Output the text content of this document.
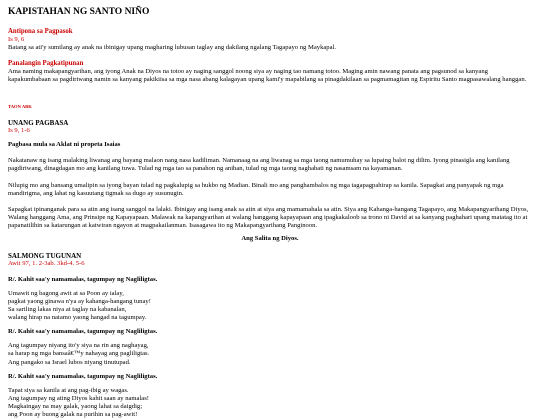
KAPISTAHAN NG SANTO NIÑO

Antipona sa Pagpasok

Is 9, 6

Batang sa ati'y sumilang ay anak na ibinigay upang magharing lubusan taglay ang dakilang ngalang Tagapayo ng Maykapal.

Panalangin Pagkatipunan

Ama naming makapangyarihan, ang iyong Anak na Diyos na totoo ay naging sanggol noong siya ay naging tao namang totoo. Maging amin nawang panata ang pagsunod sa kanyang kapakumbabaan sa pagdiriwang namin sa kanyang pakikiisa sa mga nasa abang kalagayan upang kami'y mapabilang sa pinagdakilaan sa pagmamagitan ng Espiritu Santo magpasawalang hanggan.

TAON ABK

UNANG PAGBASA

Is 9, 1-6

Pagbasa mula sa Aklat ni propeta Isaias

Nakatanaw ng isang malaking liwanag ang bayang malaon nang nasa kadiliman. Namanaag na ang liwanag sa mga taong namumuhay sa lupaing balot ng dilim. Iyong pinasigla ang kanilang pagdiriwang, dinagdagan mo ang kanilang tuwa. Tulad ng mga tao sa panahon ng anihan, tulad ng mga taong naghahati ng nasamsam na kayamanan.

Nilupig mo ang bansang umalipin sa iyong bayan tulad ng pagkalupig sa hukbo ng Madian. Binali mo ang panghambalos ng mga tagapagpahirap sa kanila. Sapagkat ang panyapak ng mga mandirigma, ang lahat ng kasuutang tigmak sa dugo ay susunugin.

Sapagkat ipinanganak para sa atin ang isang sanggol na lalaki. Ibinigay ang isang anak sa atin at siya ang mamamahala sa atin. Siya ang Kahanga-hangang Tagapayo, ang Makapangyarihang Diyos, Walang hanggang Ama, ang Prinsipe ng Kapayapaan. Malawak na kapangyarihan at walang hanggang kapayapaan ang ipagkakaloob sa trono ni David at sa kanyang paghahari upang matatag ito at papanatilihin sa katarungan at katwiran ngayon at magpakailanman. Isasagawa ito ng Makapangyarihang Panginoon.

Ang Salita ng Diyos.

SALMONG TUGUNAN

Awit 97, 1. 2-3ab. 3kd-4. 5-6

R/. Kahit saa'y namamalas, tagumpay ng Nagliligtas.

Umawit ng bagong awit at sa Poon ay ialay,
pagkat yaong ginawa n'ya ay kahanga-hangang tunay!
Sa sariling lakas niya at taglay na kabanalan,
walang hirap na natamo yaong hangad na tagumpay.

R/. Kahit saa'y namamalas, tagumpay ng Nagliligtas.

Ang tagumpay niyang ito'y siya na rin ang naghayag,
sa harap ng mga bansaâ€™y nahayag ang pagliligtas.
Ang pangako sa Israel lubos niyang tinutupad.

R/. Kahit saa'y namamalas, tagumpay ng Nagliligtas.

Tapat siya sa kanila at ang pag-ibig ay wagas.
Ang tagumpay ng ating Diyos kahit saan ay namalas!
Magkaingay na may galak, yaong lahat sa daigdig;
ang Poon ay buong galak na purihin sa pag-awit!
